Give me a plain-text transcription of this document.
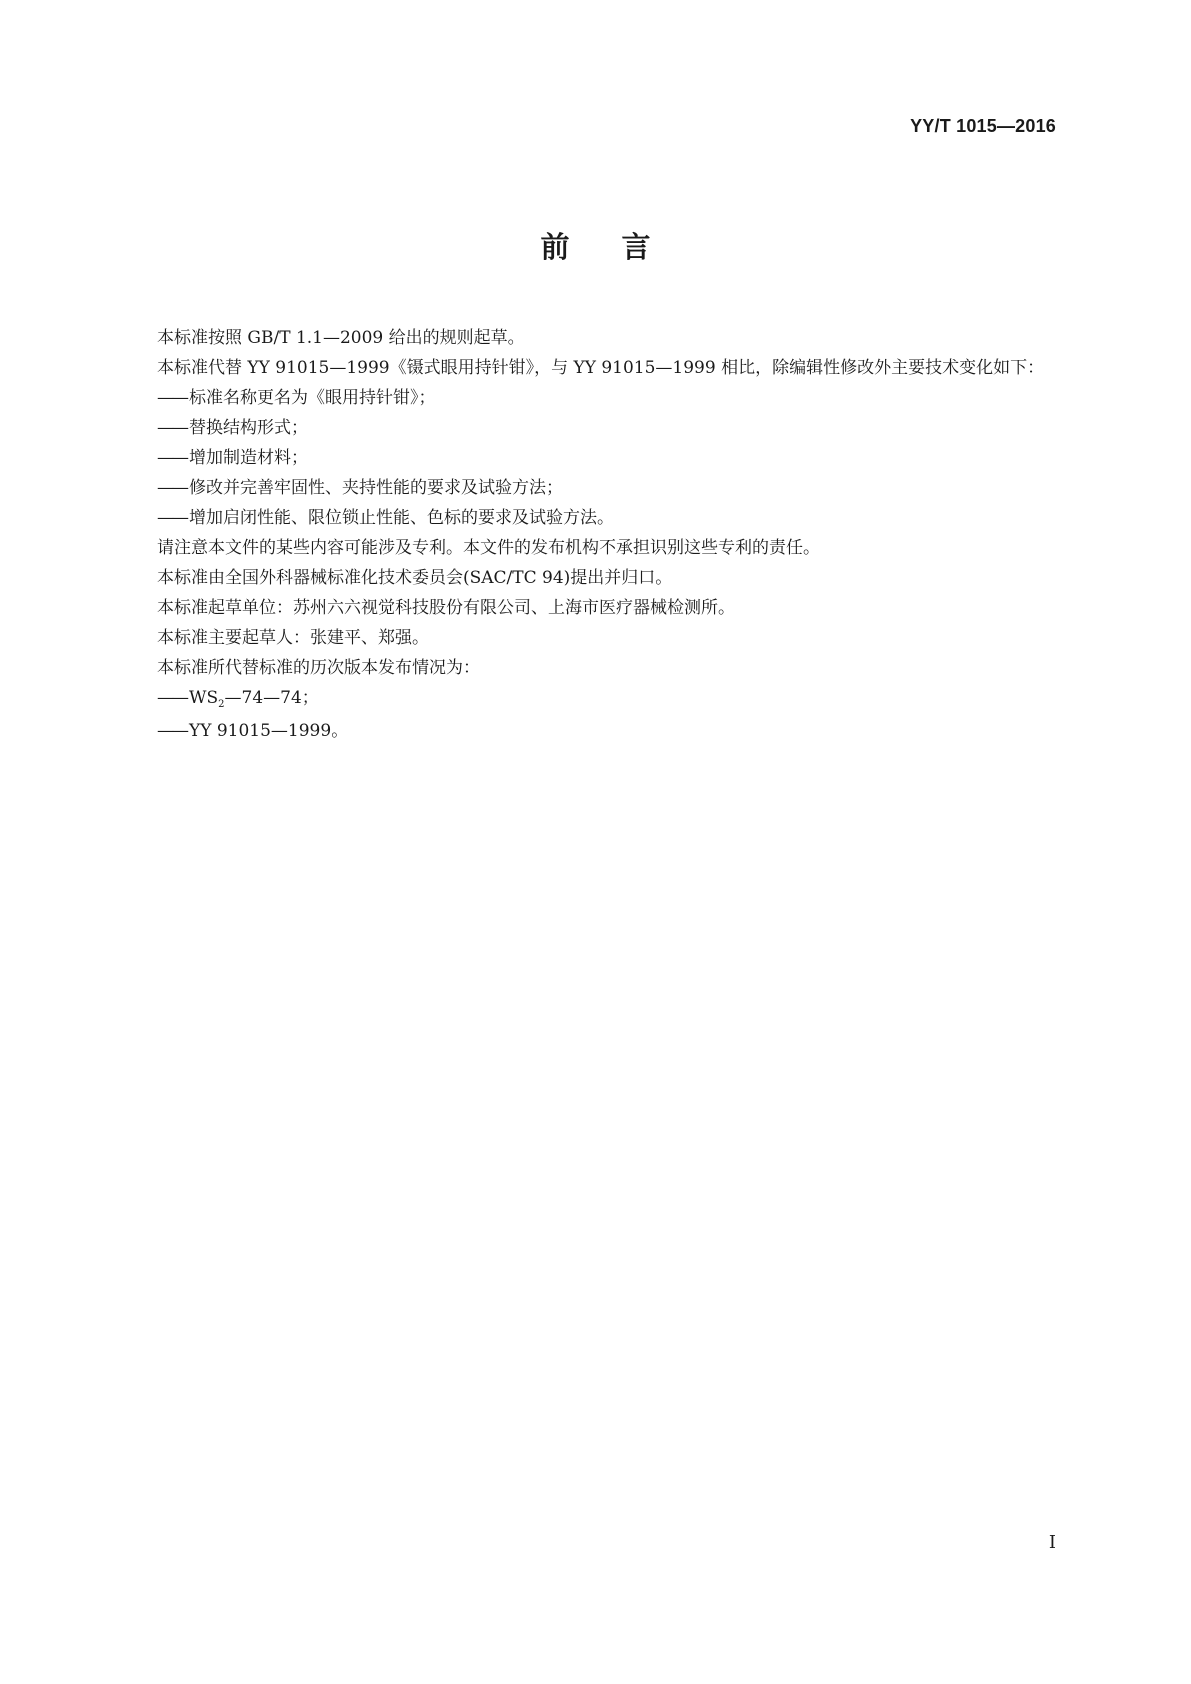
YY/T 1015—2016
前言

本标准按照 GB/T 1.1—2009 给出的规则起草。

本标准代替 YY 91015—1999《镊式眼用持针钳》，与 YY 91015—1999 相比，除编辑性修改外主要技术变化如下：

—— 标准名称更名为《眼用持针钳》；

—— 替换结构形式；

—— 增加制造材料；

—— 修改并完善牢固性、夹持性能的要求及试验方法；

—— 增加启闭性能、限位锁止性能、色标的要求及试验方法。

请注意本文件的某些内容可能涉及专利。本文件的发布机构不承担识别这些专利的责任。

本标准由全国外科器械标准化技术委员会(SAC/TC 94)提出并归口。

本标准起草单位：苏州六六视觉科技股份有限公司、上海市医疗器械检测所。

本标准主要起草人：张建平、郑强。

本标准所代替标准的历次版本发布情况为：

—— $WS_2—74—74$；

—— YY 91015—1999。

I
